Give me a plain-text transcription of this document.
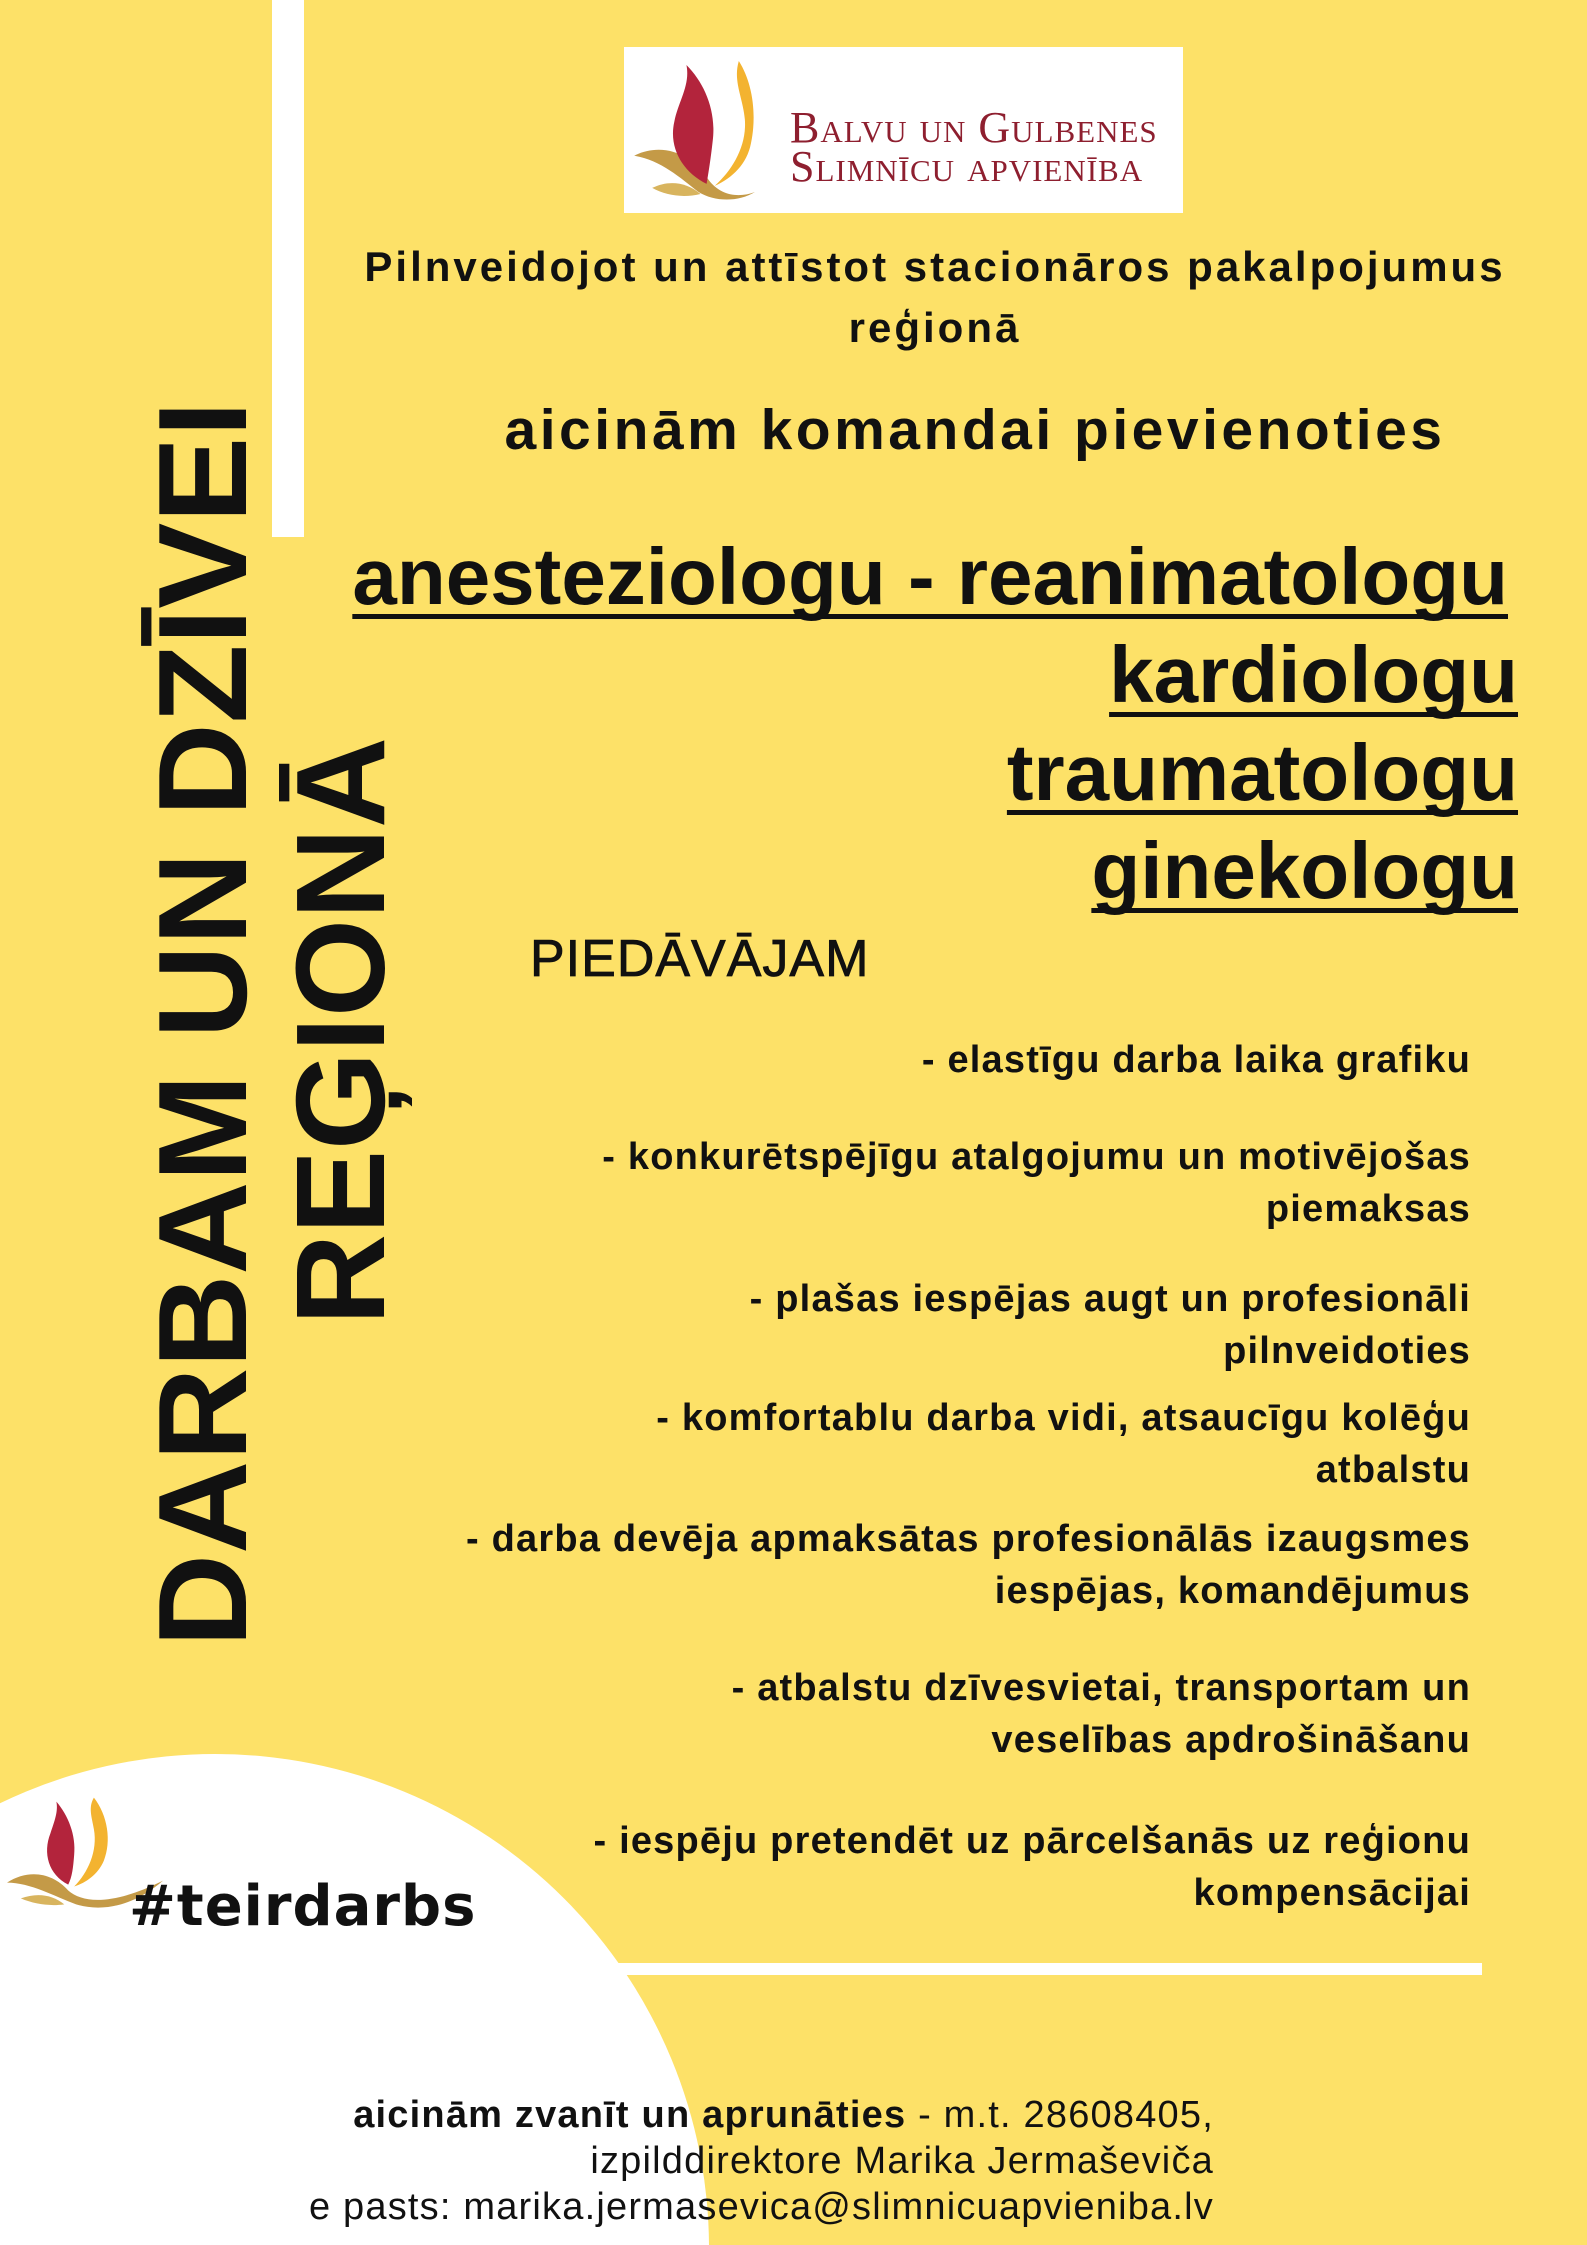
DARBAM UN DZĪVEI
REĢIONĀ
Balvu un Gulbenes
Slimnīcu apvienība
Pilnveidojot un attīstot stacionāros pakalpojumus reģionā
aicinām komandai pievienoties
anesteziologu - reanimatologu
kardiologu
traumatologu
ginekologu
PIEDĀVĀJAM
- elastīgu darba laika grafiku
- konkurētspējīgu atalgojumu un motivējošas
piemaksas
- plašas iespējas augt un profesionāli
pilnveidoties
- komfortablu darba vidi, atsaucīgu kolēģu
atbalstu
- darba devēja apmaksātas profesionālās izaugsmes
iespējas, komandējumus
- atbalstu dzīvesvietai, transportam un
veselības apdrošināšanu
- iespēju pretendēt uz pārcelšanās uz reģionu
kompensācijai
#teirdarbs
aicinām zvanīt un aprunāties - m.t. 28608405,
izpilddirektore Marika Jermaševiča
e pasts: marika.jermasevica@slimnicuapvieniba.lv
